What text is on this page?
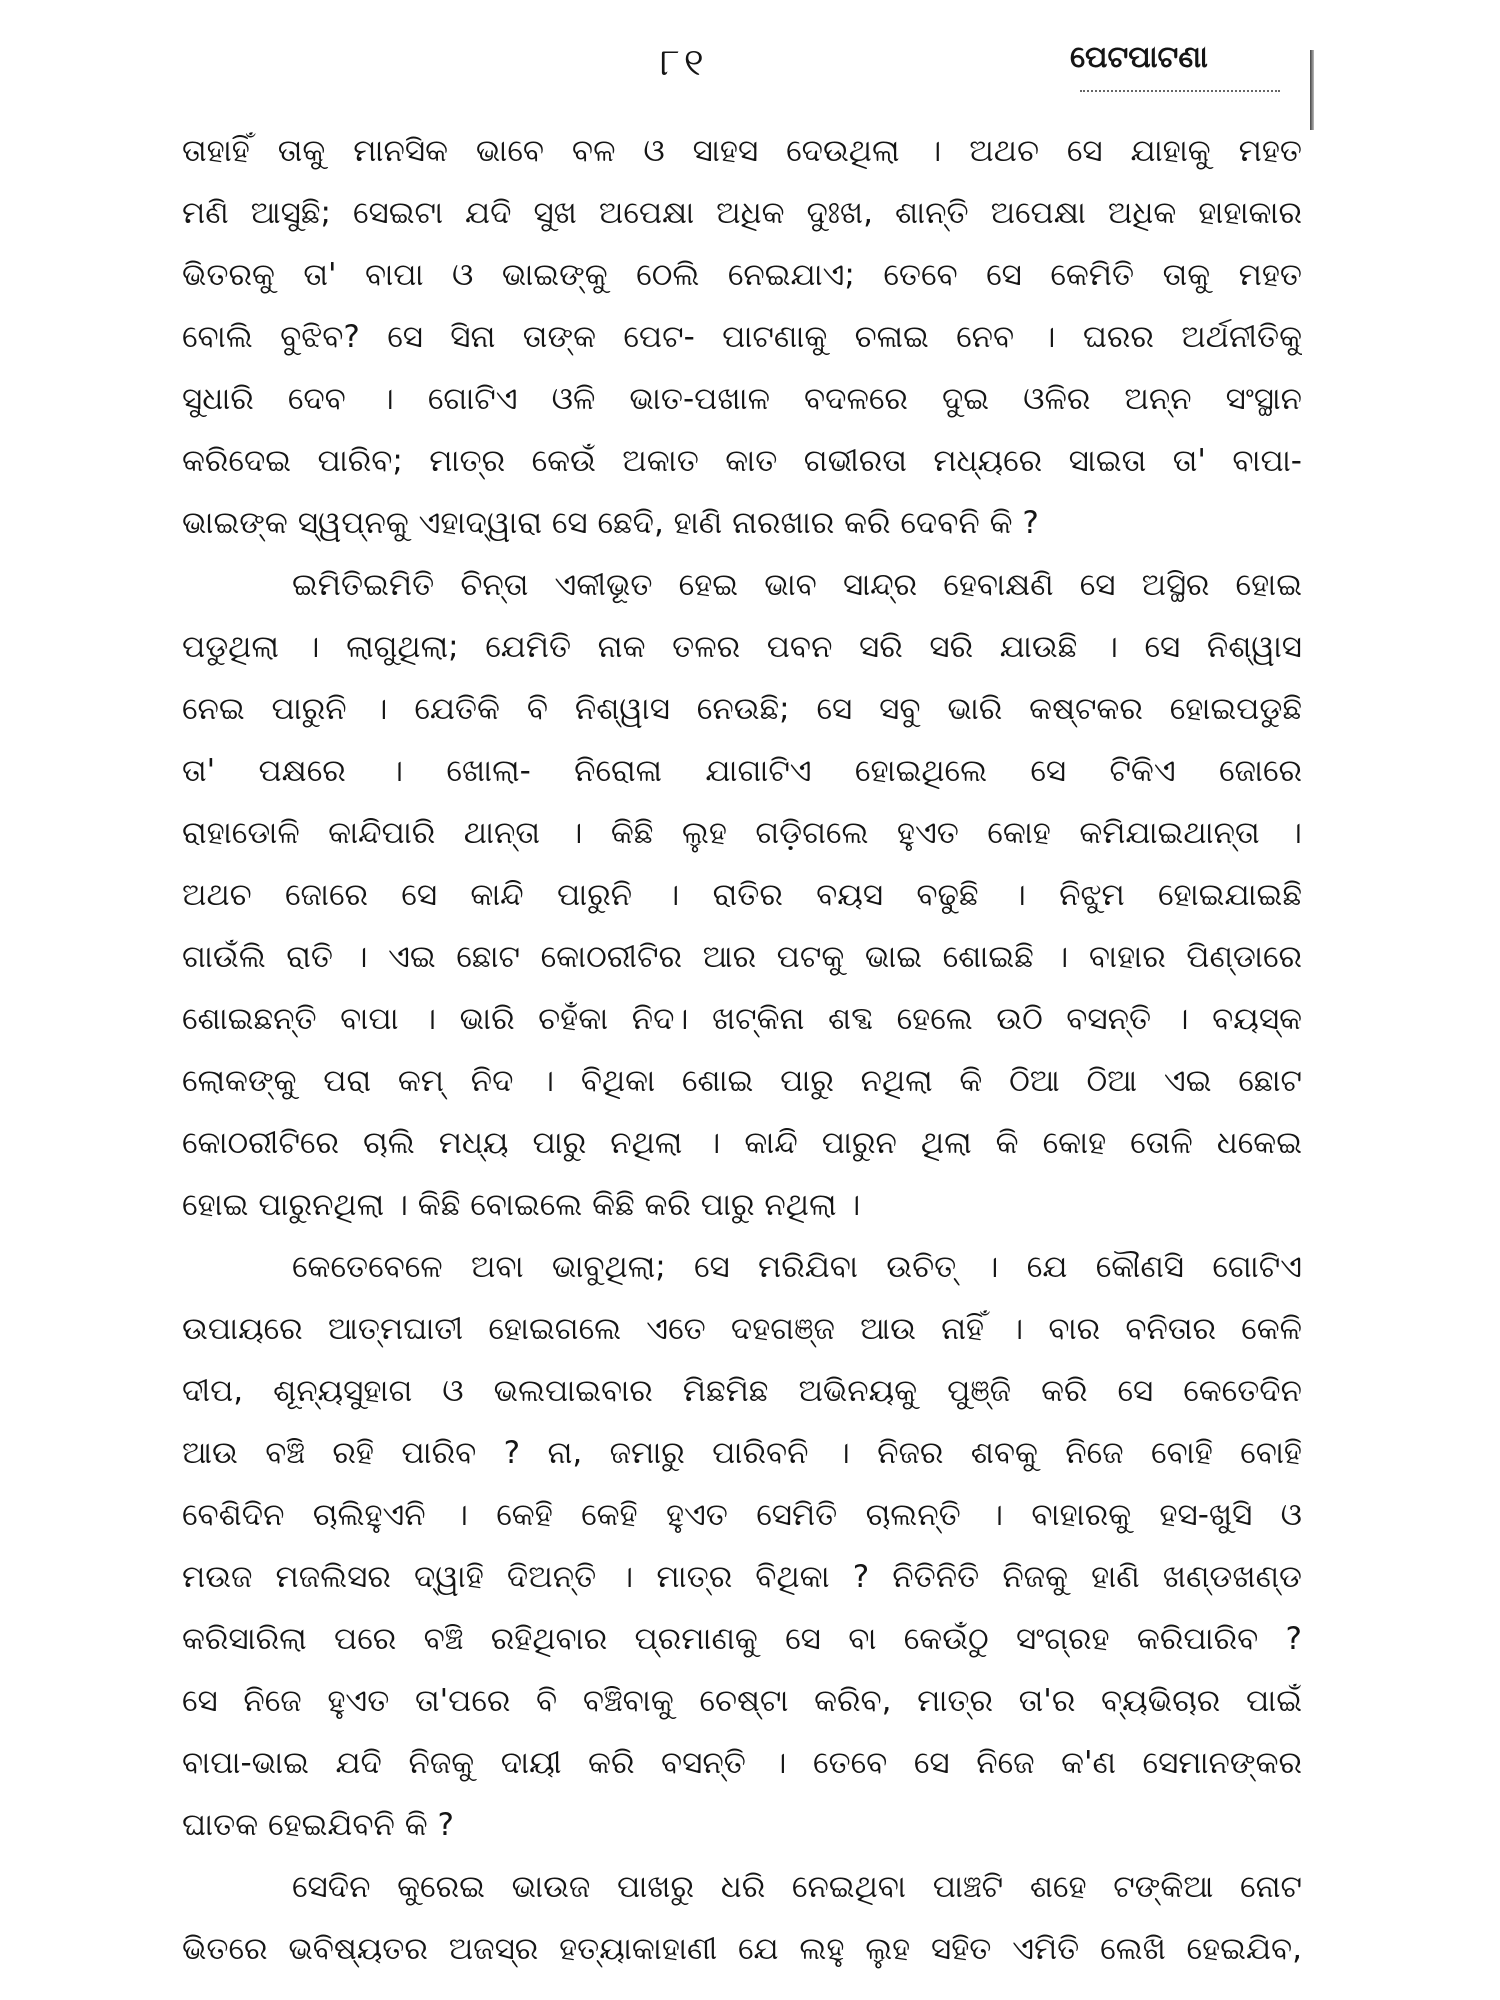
୮୧	ପେଟପାଟଣା
ତାହାହିଁ ତାକୁ ମାନସିକ ଭାବେ ବଳ ଓ ସାହସ ଦେଉଥିଲା । ଅଥଚ ସେ ଯାହାକୁ ମହତ
ମଣି ଆସୁଛି; ସେଇଟା ଯଦି ସୁଖ ଅପେକ୍ଷା ଅଧିକ ଦୁଃଖ, ଶାନ୍ତି ଅପେକ୍ଷା ଅଧିକ ହାହାକାର
ଭିତରକୁ ତା' ବାପା ଓ ଭାଇଙ୍କୁ ଠେଲି ନେଇଯାଏ; ତେବେ ସେ କେମିତି ତାକୁ ମହତ
ବୋଲି ବୁଝିବ? ସେ ସିନା ତାଙ୍କ ପେଟ- ପାଟଣାକୁ ଚଳାଇ ନେବ । ଘରର ଅର୍ଥନୀତିକୁ
ସୁଧାରି ଦେବ । ଗୋଟିଏ ଓଳି ଭାତ-ପଖାଳ ବଦଳରେ ଦୁଇ ଓଳିର ଅନ୍ନ ସଂସ୍ଥାନ
କରିଦେଇ ପାରିବ; ମାତ୍ର କେଉଁ ଅକାତ କାତ ଗଭୀରତା ମଧ୍ୟରେ ସାଇତା ତା' ବାପା-
ଭାଇଙ୍କ ସ୍ୱପ୍ନକୁ ଏହାଦ୍ୱାରା ସେ ଛେଦି, ହାଣି ନାରଖାର କରି ଦେବନି କି ?
ଇମିତିଇମିତି ଚିନ୍ତା ଏକୀଭୂତ ହେଇ ଭାବ ସାନ୍ଦ୍ର ହେବାକ୍ଷଣି ସେ ଅସ୍ଥିର ହୋଇ
ପଡୁଥିଲା । ଲାଗୁଥିଲା; ଯେମିତି ନାକ ତଳର ପବନ ସରି ସରି ଯାଉଛି । ସେ ନିଶ୍ୱାସ
ନେଇ ପାରୁନି । ଯେତିକି ବି ନିଶ୍ୱାସ ନେଉଛି; ସେ ସବୁ ଭାରି କଷ୍ଟକର ହୋଇପଡୁଛି
ତା' ପକ୍ଷରେ । ଖୋଲା- ନିରୋଳା ଯାଗାଟିଏ ହୋଇଥିଲେ ସେ ଟିକିଏ ଜୋରେ
ରାହାଡୋଳି କାନ୍ଦିପାରି ଥାନ୍ତା । କିଛି ଲୁହ ଗଡ଼ିଗଲେ ହୁଏତ କୋହ କମିଯାଇଥାନ୍ତା ।
ଅଥଚ ଜୋରେ ସେ କାନ୍ଦି ପାରୁନି । ରାତିର ବୟସ ବଢୁଛି । ନିଝୁମ ହୋଇଯାଇଛି
ଗାଉଁଲି ରାତି । ଏଇ ଛୋଟ କୋଠରୀଟିର ଆର ପଟକୁ ଭାଇ ଶୋଇଛି । ବାହାର ପିଣ୍ଡାରେ
ଶୋଇଛନ୍ତି ବାପା । ଭାରି ଚହଁକା ନିଦ। ଖଟ୍‌କିନା ଶବ୍ଦ ହେଲେ ଉଠି ବସନ୍ତି । ବୟସ୍କ
ଲୋକଙ୍କୁ ପରା କମ୍ ନିଦ । ବିଥିକା ଶୋଇ ପାରୁ ନଥିଲା କି ଠିଆ ଠିଆ ଏଇ ଛୋଟ
କୋଠରୀଟିରେ ଚାଲି ମଧ୍ୟ ପାରୁ ନଥିଲା । କାନ୍ଦି ପାରୁନ ଥିଲା କି କୋହ ତୋଳି ଧକେଇ
ହୋଇ ପାରୁନଥିଲା । କିଛି ବୋଇଲେ କିଛି କରି ପାରୁ ନଥିଲା ।
କେତେବେଳେ ଅବା ଭାବୁଥିଲା; ସେ ମରିଯିବା ଉଚିତ୍ । ଯେ କୌଣସି ଗୋଟିଏ
ଉପାୟରେ ଆତ୍ମଘାତୀ ହୋଇଗଲେ ଏତେ ଦହଗଞ୍ଜ ଆଉ ନାହିଁ । ବାର ବନିତାର କେଳି
ଦୀପ, ଶୂନ୍ୟସୁହାଗ ଓ ଭଲପାଇବାର ମିଛମିଛ ଅଭିନୟକୁ ପୁଞ୍ଜି କରି ସେ କେତେଦିନ
ଆଉ ବଞ୍ଚି ରହି ପାରିବ ? ନା, ଜମାରୁ ପାରିବନି । ନିଜର ଶବକୁ ନିଜେ ବୋହି ବୋହି
ବେଶିଦିନ ଚାଲିହୁଏନି । କେହି କେହି ହୁଏତ ସେମିତି ଚାଲନ୍ତି । ବାହାରକୁ ହସ-ଖୁସି ଓ
ମଉଜ ମଜଲିସର ଦ୍ୱାହି ଦିଅନ୍ତି । ମାତ୍ର ବିଥିକା ? ନିତିନିତି ନିଜକୁ ହାଣି ଖଣ୍ଡଖଣ୍ଡ
କରିସାରିଲା ପରେ ବଞ୍ଚି ରହିଥିବାର ପ୍ରମାଣକୁ ସେ ବା କେଉଁଠୁ ସଂଗ୍ରହ କରିପାରିବ ?
ସେ ନିଜେ ହୁଏତ ତା'ପରେ ବି ବଞ୍ଚିବାକୁ ଚେଷ୍ଟା କରିବ, ମାତ୍ର ତା'ର ବ୍ୟଭିଚାର ପାଇଁ
ବାପା-ଭାଇ ଯଦି ନିଜକୁ ଦାୟୀ କରି ବସନ୍ତି । ତେବେ ସେ ନିଜେ କ'ଣ ସେମାନଙ୍କର
ଘାତକ ହେଇଯିବନି କି ?
ସେଦିନ କୁରେଇ ଭାଉଜ ପାଖରୁ ଧରି ନେଇଥିବା ପାଞ୍ଚଟି ଶହେ ଟଙ୍କିଆ ନୋଟ
ଭିତରେ ଭବିଷ୍ୟତର ଅଜସ୍ର ହତ୍ୟାକାହାଣୀ ଯେ ଲହୁ ଲୁହ ସହିତ ଏମିତି ଲେଖି ହେଇଯିବ,
